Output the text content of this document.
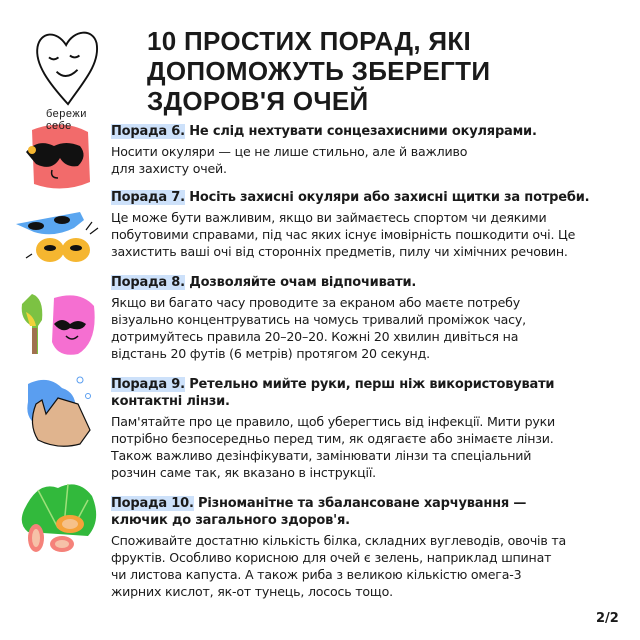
бережи
себе
10 ПРОСТИХ ПОРАД, ЯКІ
ДОПОМОЖУТЬ ЗБЕРЕГТИ
ЗДОРОВ'Я ОЧЕЙ
Порада 6. Не слід нехтувати сонцезахисними окулярами.
Носити окуляри — це не лише стильно, але й важливо
для захисту очей.
Порада 7. Носіть захисні окуляри або захисні щитки за потреби.
Це може бути важливим, якщо ви займаєтесь спортом чи деякими
побутовими справами, під час яких існує імовірність пошкодити очі. Це
захистить ваші очі від сторонніх предметів, пилу чи хімічних речовин.
Порада 8. Дозволяйте очам відпочивати.
Якщо ви багато часу проводите за екраном або маєте потребу
візуально концентруватись на чомусь тривалий проміжок часу,
дотримуйтесь правила 20–20–20. Кожні 20 хвилин дивіться на
відстань 20 футів (6 метрів) протягом 20 секунд.
Порада 9. Ретельно мийте руки, перш ніж використовувати
контактні лінзи.
Пам'ятайте про це правило, щоб уберегтись від інфекції. Мити руки
потрібно безпосередньо перед тим, як одягаєте або знімаєте лінзи.
Також важливо дезінфікувати, замінювати лінзи та спеціальний
розчин саме так, як вказано в інструкції.
Порада 10. Різноманітне та збалансоване харчування —
ключик до загального здоров'я.
Споживайте достатню кількість білка, складних вуглеводів, овочів та
фруктів. Особливо корисною для очей є зелень, наприклад шпинат
чи листова капуста. А також риба з великою кількістю омега-3
жирних кислот, як-от тунець, лосось тощо.
2/2
